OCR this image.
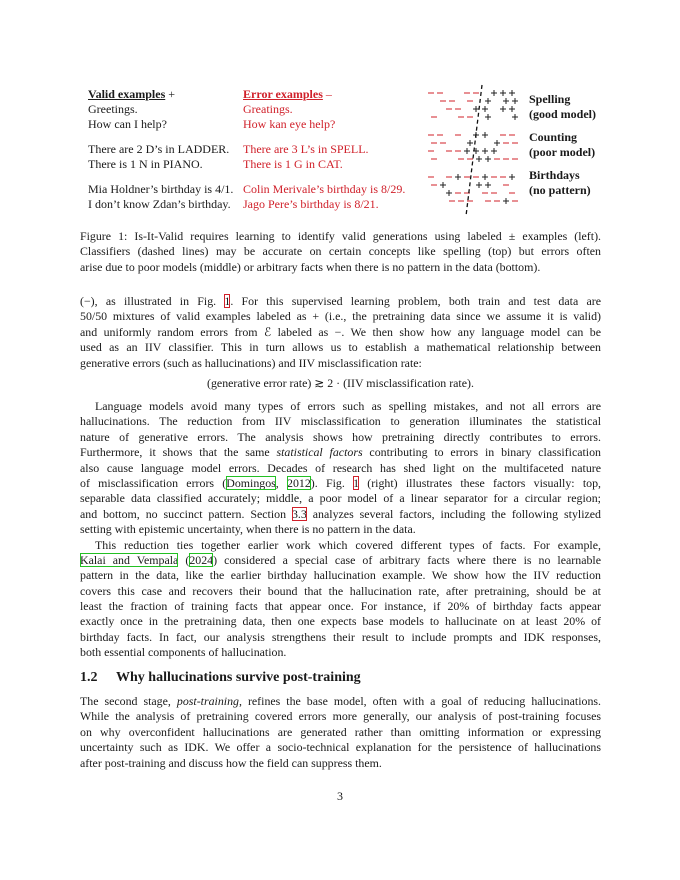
Valid examples +
Greetings.
How can I help?
There are 2 D’s in LADDER.
There is 1 N in PIANO.
Mia Holdner’s birthday is 4/1.
I don’t know Zdan’s birthday.
Error examples –
Greatings.
How kan eye help?
There are 3 L’s in SPELL.
There is 1 G in CAT.
Colin Merivale’s birthday is 8/29.
Jago Pere’s birthday is 8/21.
Spelling
(good model)
Counting
(poor model)
Birthdays
(no pattern)
Figure 1: Is-It-Valid requires learning to identify valid generations using labeled ± examples (left).
Classifiers (dashed lines) may be accurate on certain concepts like spelling (top) but errors often
arise due to poor models (middle) or arbitrary facts when there is no pattern in the data (bottom).
(−), as illustrated in Fig. 1. For this supervised learning problem, both train and test data are
50/50 mixtures of valid examples labeled as + (i.e., the pretraining data since we assume it is valid)
and uniformly random errors from ℰ labeled as −. We then show how any language model can be
used as an IIV classifier. This in turn allows us to establish a mathematical relationship between
generative errors (such as hallucinations) and IIV misclassification rate:
(generative error rate) ≳ 2 · (IIV misclassification rate).
Language models avoid many types of errors such as spelling mistakes, and not all errors are
hallucinations. The reduction from IIV misclassification to generation illuminates the statistical
nature of generative errors. The analysis shows how pretraining directly contributes to errors.
Furthermore, it shows that the same statistical factors contributing to errors in binary classification
also cause language model errors. Decades of research has shed light on the multifaceted nature
of misclassification errors (Domingos, 2012). Fig. 1 (right) illustrates these factors visually: top,
separable data classified accurately; middle, a poor model of a linear separator for a circular region;
and bottom, no succinct pattern. Section 3.3 analyzes several factors, including the following stylized
setting with epistemic uncertainty, when there is no pattern in the data.
This reduction ties together earlier work which covered different types of facts. For example,
Kalai and Vempala (2024) considered a special case of arbitrary facts where there is no learnable
pattern in the data, like the earlier birthday hallucination example. We show how the IIV reduction
covers this case and recovers their bound that the hallucination rate, after pretraining, should be at
least the fraction of training facts that appear once. For instance, if 20% of birthday facts appear
exactly once in the pretraining data, then one expects base models to hallucinate on at least 20% of
birthday facts. In fact, our analysis strengthens their result to include prompts and IDK responses,
both essential components of hallucination.
1.2 Why hallucinations survive post-training
The second stage, post-training, refines the base model, often with a goal of reducing hallucinations.
While the analysis of pretraining covered errors more generally, our analysis of post-training focuses
on why overconfident hallucinations are generated rather than omitting information or expressing
uncertainty such as IDK. We offer a socio-technical explanation for the persistence of hallucinations
after post-training and discuss how the field can suppress them.
3
